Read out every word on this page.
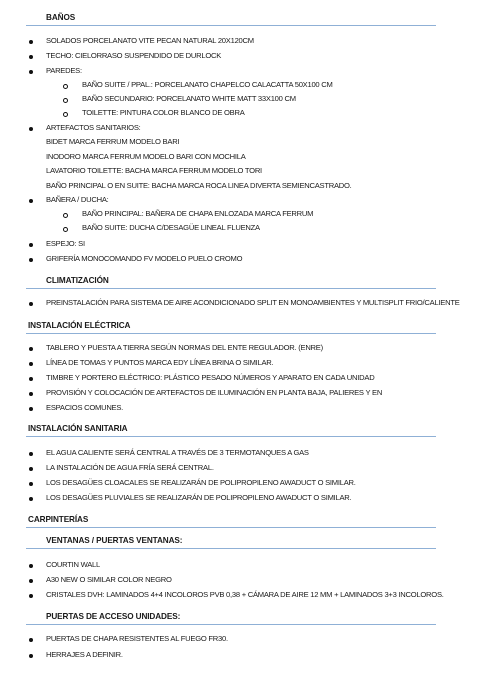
BAÑOS
SOLADOS PORCELANATO VITE PECAN NATURAL 20X120CM
TECHO: CIELORRASO SUSPENDIDO DE DURLOCK
PAREDES:
BAÑO SUITE / PPAL.: PORCELANATO CHAPELCO CALACATTA 50X100 CM
BAÑO SECUNDARIO: PORCELANATO WHITE MATT 33X100 CM
TOILETTE: PINTURA COLOR BLANCO DE OBRA
ARTEFACTOS SANITARIOS:
BIDET MARCA FERRUM MODELO BARI
INODORO MARCA FERRUM MODELO BARI CON MOCHILA
LAVATORIO TOILETTE: BACHA MARCA FERRUM MODELO TORI
BAÑO PRINCIPAL O EN SUITE: BACHA MARCA ROCA LINEA DIVERTA SEMIENCASTRADO.
BAÑERA / DUCHA:
BAÑO PRINCIPAL: BAÑERA DE CHAPA ENLOZADA MARCA FERRUM
BAÑO SUITE: DUCHA C/DESAGÜE LINEAL FLUENZA
ESPEJO: SI
GRIFERÍA MONOCOMANDO FV MODELO PUELO CROMO
CLIMATIZACIÓN
PREINSTALACIÓN PARA SISTEMA DE AIRE ACONDICIONADO SPLIT EN MONOAMBIENTES Y MULTISPLIT FRIO/CALIENTE
INSTALACIÓN ELÉCTRICA
TABLERO Y PUESTA A TIERRA SEGÚN NORMAS DEL ENTE REGULADOR. (ENRE)
LÍNEA DE TOMAS Y PUNTOS MARCA EDY LÍNEA BRINA O SIMILAR.
TIMBRE Y PORTERO ELÉCTRICO: PLÁSTICO PESADO NÚMEROS Y APARATO EN CADA UNIDAD
PROVISIÓN Y COLOCACIÓN DE ARTEFACTOS DE ILUMINACIÓN EN PLANTA BAJA, PALIERES Y EN
ESPACIOS COMUNES.
INSTALACIÓN SANITARIA
EL AGUA CALIENTE SERÁ CENTRAL A TRAVÉS DE 3 TERMOTANQUES A GAS
LA INSTALACIÓN DE AGUA FRÍA SERÁ CENTRAL.
LOS DESAGÜES CLOACALES SE REALIZARÁN DE POLIPROPILENO AWADUCT O SIMILAR.
LOS DESAGÜES PLUVIALES SE REALIZARÁN DE POLIPROPILENO AWADUCT O SIMILAR.
CARPINTERÍAS
VENTANAS / PUERTAS VENTANAS:
COURTIN WALL
A30 NEW O SIMILAR COLOR NEGRO
CRISTALES DVH: LAMINADOS 4+4 INCOLOROS PVB 0,38 + CÁMARA DE AIRE 12 MM + LAMINADOS 3+3 INCOLOROS.
PUERTAS DE ACCESO UNIDADES:
PUERTAS DE CHAPA RESISTENTES AL FUEGO FR30.
HERRAJES A DEFINIR.
